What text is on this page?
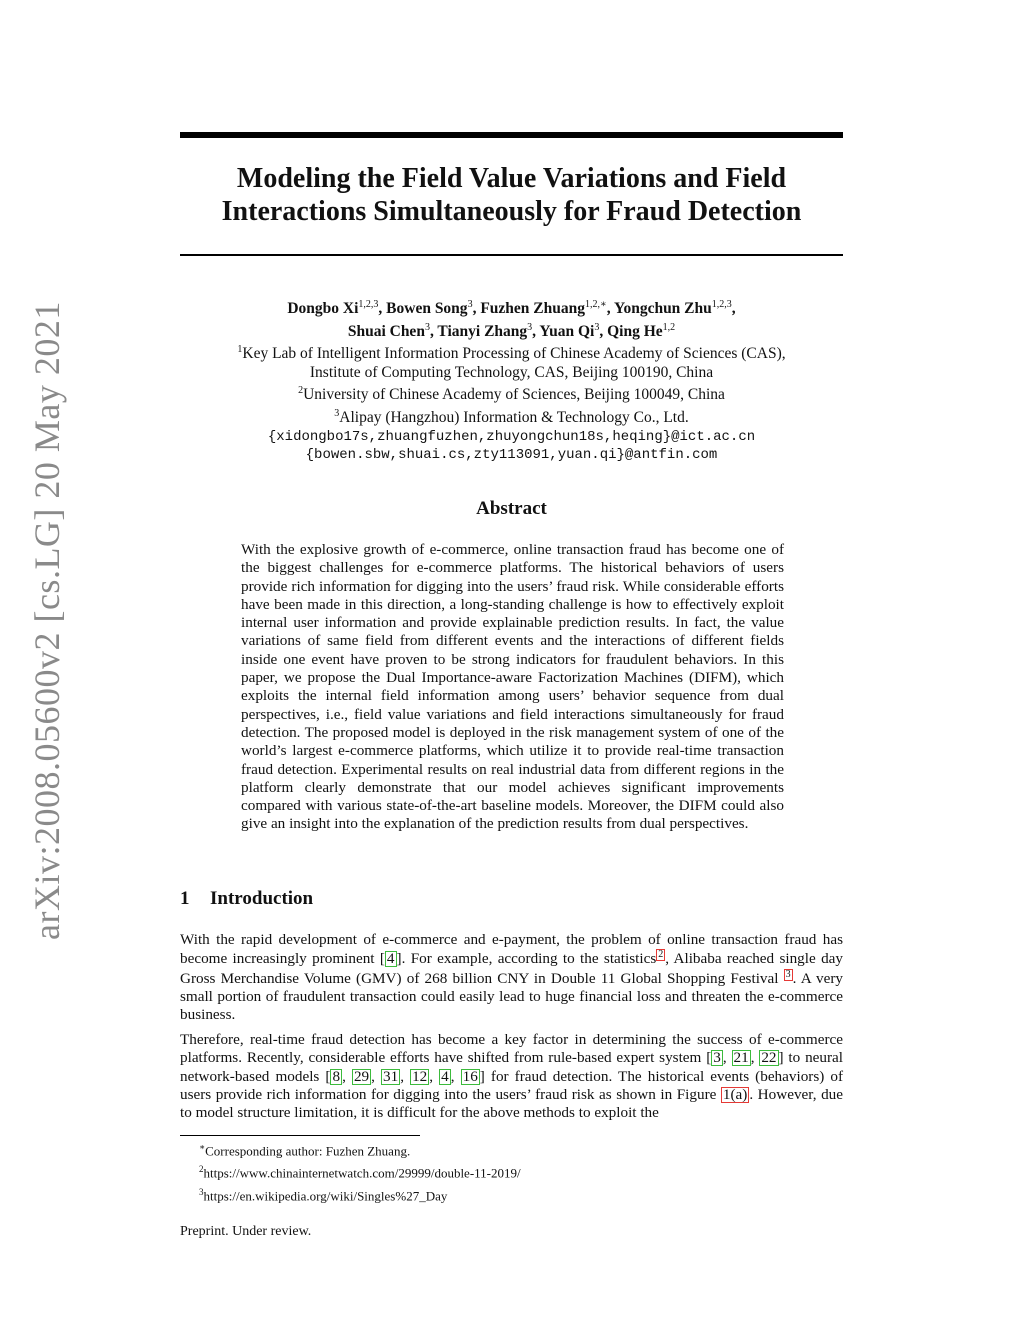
arXiv:2008.05600v2 [cs.LG] 20 May 2021
Modeling the Field Value Variations and Field
Interactions Simultaneously for Fraud Detection
Dongbo Xi$^{1,2,3}$, Bowen Song$^3$, Fuzhen Zhuang$^{1,2,∗}$, Yongchun Zhu$^{1,2,3}$,
Shuai Chen$^3$, Tianyi Zhang$^3$, Yuan Qi$^3$, Qing He$^{1,2}$
$^1$Key Lab of Intelligent Information Processing of Chinese Academy of Sciences (CAS),
Institute of Computing Technology, CAS, Beijing 100190, China
$^2$University of Chinese Academy of Sciences, Beijing 100049, China
$^3$Alipay (Hangzhou) Information & Technology Co., Ltd.
{xidongbo17s,zhuangfuzhen,zhuyongchun18s,heqing}@ict.ac.cn
{bowen.sbw,shuai.cs,zty113091,yuan.qi}@antfin.com
Abstract
With the explosive growth of e-commerce, online transaction fraud has become one of the biggest challenges for e-commerce platforms. The historical behaviors of users provide rich information for digging into the users’ fraud risk. While considerable efforts have been made in this direction, a long-standing challenge is how to effectively exploit internal user information and provide explainable prediction results. In fact, the value variations of same field from different events and the interactions of different fields inside one event have proven to be strong indicators for fraudulent behaviors. In this paper, we propose the Dual Importance-aware Factorization Machines (DIFM), which exploits the internal field information among users’ behavior sequence from dual perspectives, i.e., field value variations and field interactions simultaneously for fraud detection. The proposed model is deployed in the risk management system of one of the world’s largest e-commerce platforms, which utilize it to provide real-time transaction fraud detection. Experimental results on real industrial data from different regions in the platform clearly demonstrate that our model achieves significant improvements compared with various state-of-the-art baseline models. Moreover, the DIFM could also give an insight into the explanation of the prediction results from dual perspectives.
1 Introduction
With the rapid development of e-commerce and e-payment, the problem of online transaction fraud has become increasingly prominent [ 4 ]. For example, according to the statistics 2 , Alibaba reached single day Gross Merchandise Volume (GMV) of 268 billion CNY in Double 11 Global Shopping Festival 3 . A very small portion of fraudulent transaction could easily lead to huge financial loss and threaten the e-commerce business.
Therefore, real-time fraud detection has become a key factor in determining the success of e-commerce platforms. Recently, considerable efforts have shifted from rule-based expert system [ 3 , 21 , 22 ] to neural network-based models [ 8 , 29 , 31 , 12 , 4 , 16 ] for fraud detection. The historical events (behaviors) of users provide rich information for digging into the users’ fraud risk as shown in Figure 1(a) . However, due to model structure limitation, it is difficult for the above methods to exploit the
∗Corresponding author: Fuzhen Zhuang.
$^2$https://www.chinainternetwatch.com/29999/double-11-2019/
$^3$https://en.wikipedia.org/wiki/Singles%27_Day
Preprint. Under review.
